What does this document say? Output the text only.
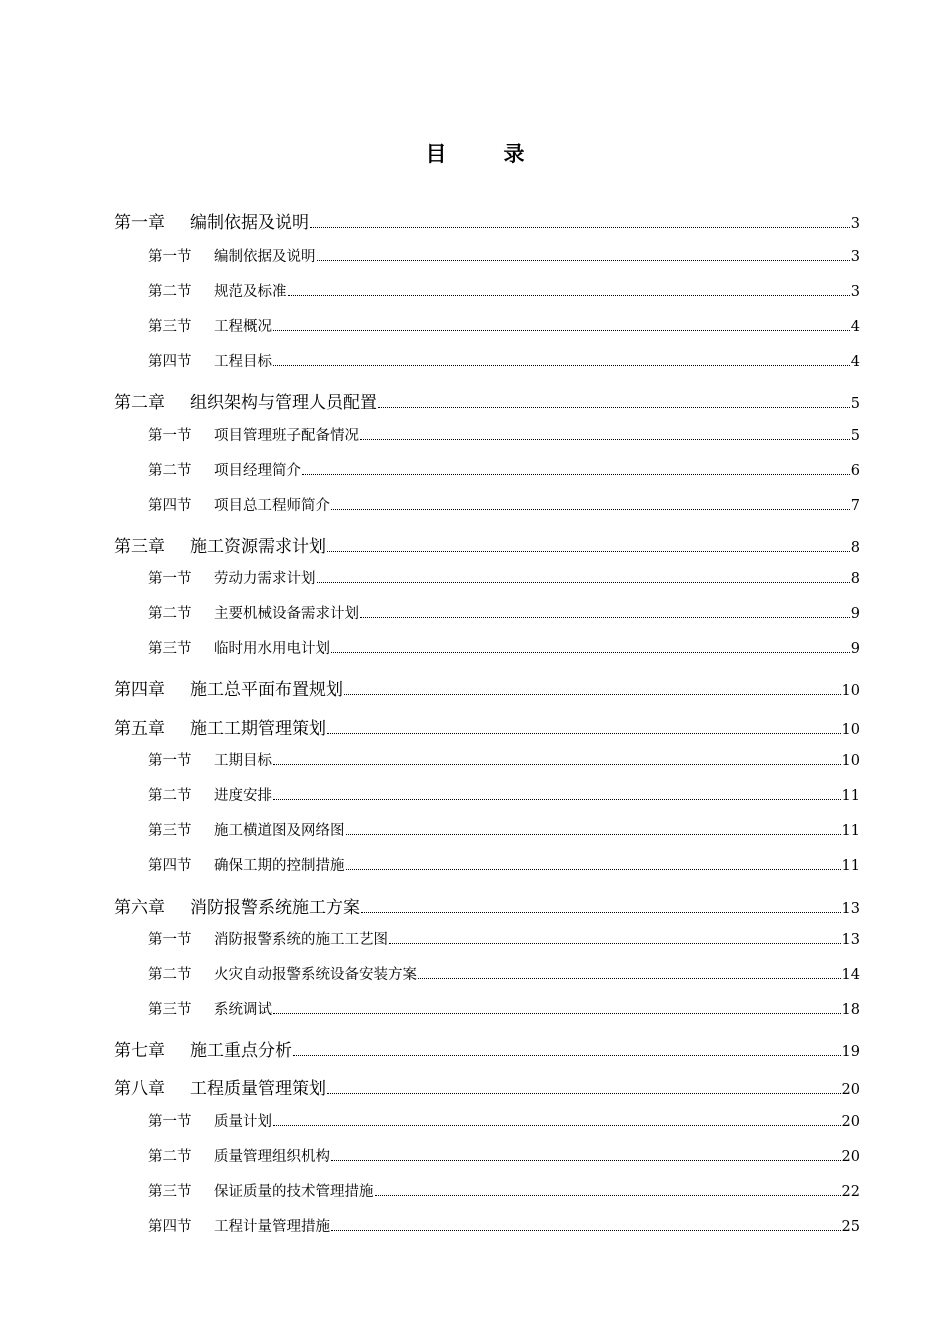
目　录
第一章	编制依据及说明	3
第一节	编制依据及说明	3
第二节	规范及标准	3
第三节	工程概况	4
第四节	工程目标	4
第二章	组织架构与管理人员配置	5
第一节	项目管理班子配备情况	5
第二节	项目经理简介	6
第四节	项目总工程师简介	7
第三章	施工资源需求计划	8
第一节	劳动力需求计划	8
第二节	主要机械设备需求计划	9
第三节	临时用水用电计划	9
第四章	施工总平面布置规划	10
第五章	施工工期管理策划	10
第一节	工期目标	10
第二节	进度安排	11
第三节	施工横道图及网络图	11
第四节	确保工期的控制措施	11
第六章	消防报警系统施工方案	13
第一节	消防报警系统的施工工艺图	13
第二节	火灾自动报警系统设备安装方案	14
第三节	系统调试	18
第七章	施工重点分析	19
第八章	工程质量管理策划	20
第一节	质量计划	20
第二节	质量管理组织机构	20
第三节	保证质量的技术管理措施	22
第四节	工程计量管理措施	25
